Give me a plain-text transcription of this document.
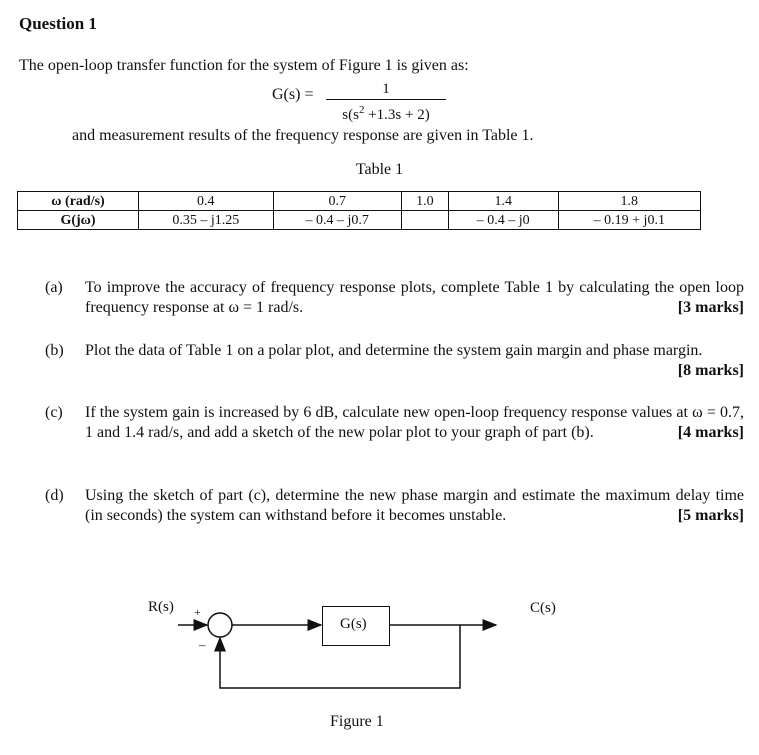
Question 1
The open-loop transfer function for the system of Figure 1 is given as:
G(s) =	1
$s(s^2 +1.3s + 2)$
and measurement results of the frequency response are given in Table 1.
Table 1
ω (rad/s)	0.4	0.7	1.0	1.4	1.8
G(jω)	0.35 – j1.25	– 0.4 – j0.7		– 0.4 – j0	– 0.19 + j0.1
(a) To improve the accuracy of frequency response plots, complete Table 1 by calculating the open loop frequency response at ω = 1 rad/s.	[3 marks]
(b) Plot the data of Table 1 on a polar plot, and determine the system gain margin and phase margin.
[8 marks]
(c) If the system gain is increased by 6 dB, calculate new open-loop frequency response values at ω = 0.7, 1 and 1.4 rad/s, and add a sketch of the new polar plot to your graph of part (b).	[4 marks]
(d) Using the sketch of part (c), determine the new phase margin and estimate the maximum delay time (in seconds) the system can withstand before it becomes unstable.	[5 marks]
G(s)
R(s) +
–
C(s)
Figure 1
